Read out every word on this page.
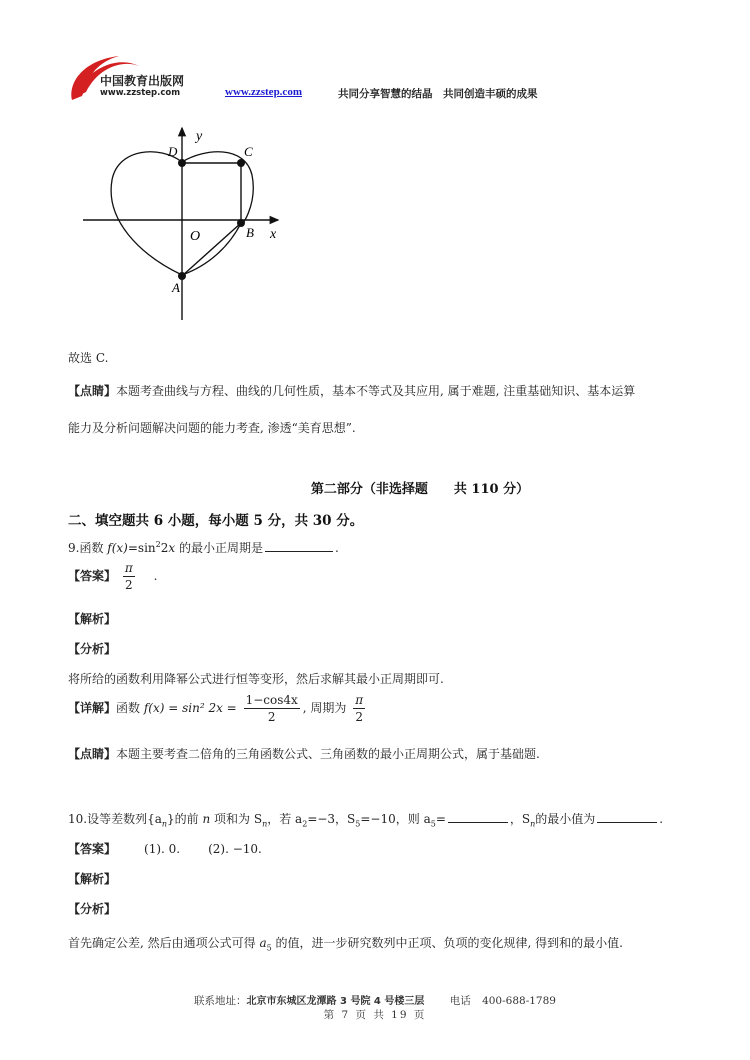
中国教育出版网
www.zzstep.com	www.zzstep.com	共同分享智慧的结晶　共同创造丰硕的成果
y
x
O
D	C
B
A
故选 C.
【点睛】本题考查曲线与方程、曲线的几何性质，基本不等式及其应用, 属于难题, 注重基础知识、基本运算
能力及分析问题解决问题的能力考查, 渗透“美育思想”.
第二部分（非选择题　　共 110 分）
二、填空题共 6 小题，每小题 5 分，共 30 分。
9.函数 $f(x)=\sin^22x$ 的最小正周期是	.
【答案】 $\frac{\pi}{2}$ .
【解析】
【分析】
将所给的函数利用降幂公式进行恒等变形，然后求解其最小正周期即可.
【详解】函数 f(x) = sin² $2x = \frac{1-\cos 4x}{2}$ , 周期为 $\frac{\pi}{2}$
【点睛】本题主要考查二倍角的三角函数公式、三角函数的最小正周期公式，属于基础题.
10.设等差数列$\{a_n\}$的前 n 项和为 $S_n$，若 $a_2=-3$，$S_5=-10$，则 $a_5=$	，$S_n$的最小值为	.
【答案】 (1). 0. (2). −10.
【解析】
【分析】
首先确定公差, 然后由通项公式可得 $a_5$ 的值，进一步研究数列中正项、负项的变化规律, 得到和的最小值.
联系地址：北京市东城区龙潭路 3 号院 4 号楼三层 电话 400-688-1789
第 7 页 共 19 页
